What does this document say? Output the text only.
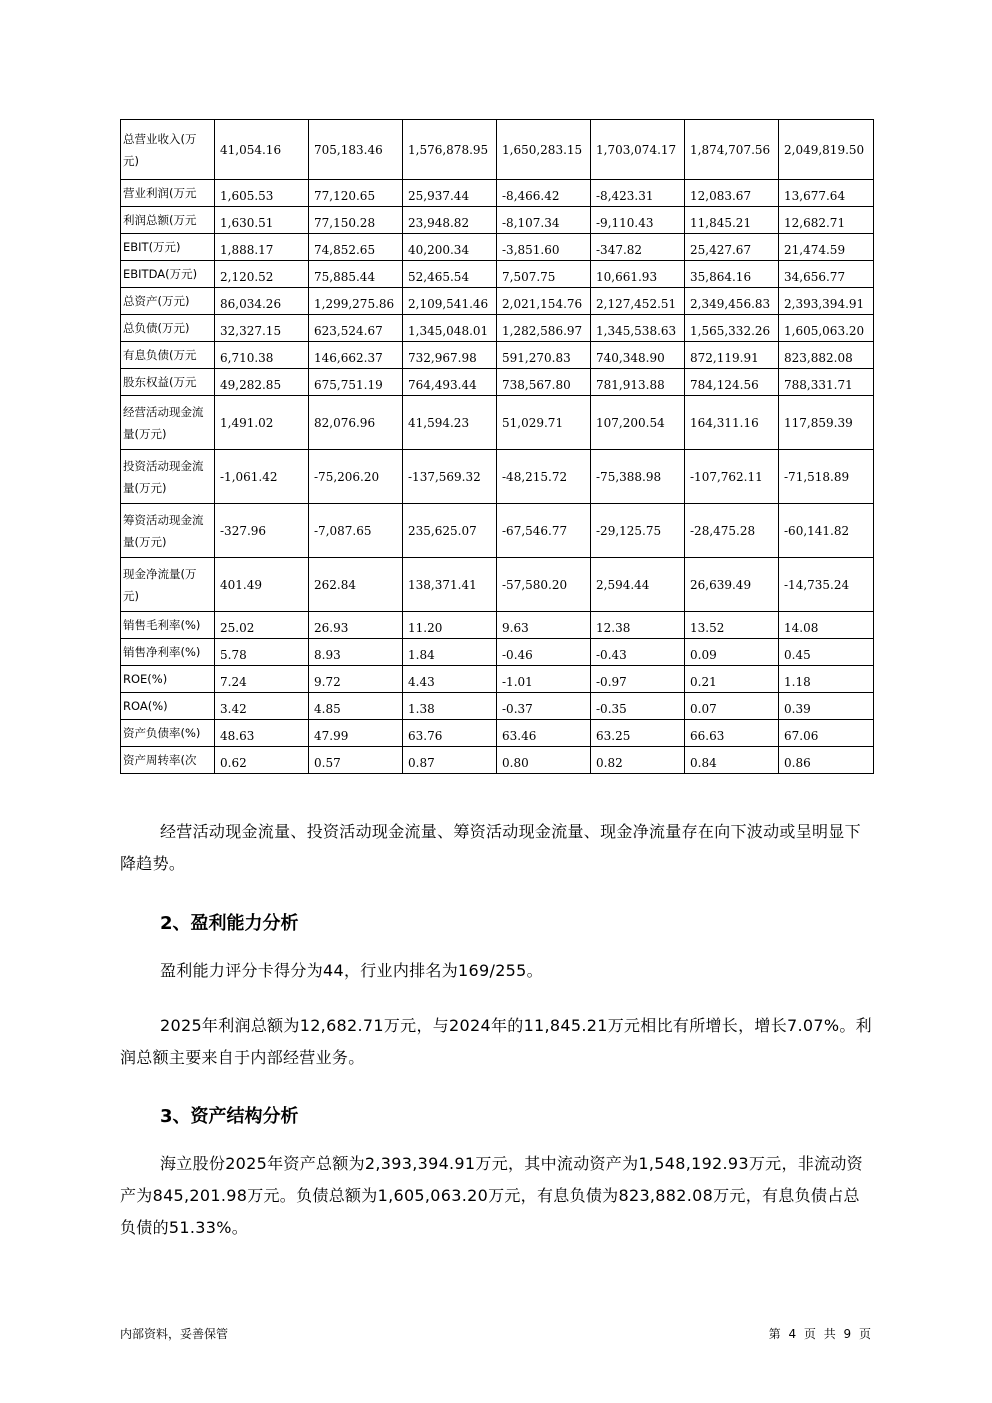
总营业收入(万元)	41,054.16	705,183.46	1,576,878.95	1,650,283.15	1,703,074.17	1,874,707.56	2,049,819.50
营业利润(万元	1,605.53	77,120.65	25,937.44	-8,466.42	-8,423.31	12,083.67	13,677.64
利润总额(万元	1,630.51	77,150.28	23,948.82	-8,107.34	-9,110.43	11,845.21	12,682.71
EBIT(万元)	1,888.17	74,852.65	40,200.34	-3,851.60	-347.82	25,427.67	21,474.59
EBITDA(万元)	2,120.52	75,885.44	52,465.54	7,507.75	10,661.93	35,864.16	34,656.77
总资产(万元)	86,034.26	1,299,275.86	2,109,541.46	2,021,154.76	2,127,452.51	2,349,456.83	2,393,394.91
总负债(万元)	32,327.15	623,524.67	1,345,048.01	1,282,586.97	1,345,538.63	1,565,332.26	1,605,063.20
有息负债(万元	6,710.38	146,662.37	732,967.98	591,270.83	740,348.90	872,119.91	823,882.08
股东权益(万元	49,282.85	675,751.19	764,493.44	738,567.80	781,913.88	784,124.56	788,331.71
经营活动现金流量(万元)	1,491.02	82,076.96	41,594.23	51,029.71	107,200.54	164,311.16	117,859.39
投资活动现金流量(万元)	-1,061.42	-75,206.20	-137,569.32	-48,215.72	-75,388.98	-107,762.11	-71,518.89
筹资活动现金流量(万元)	-327.96	-7,087.65	235,625.07	-67,546.77	-29,125.75	-28,475.28	-60,141.82
现金净流量(万元)	401.49	262.84	138,371.41	-57,580.20	2,594.44	26,639.49	-14,735.24
销售毛利率(%)	25.02	26.93	11.20	9.63	12.38	13.52	14.08
销售净利率(%)	5.78	8.93	1.84	-0.46	-0.43	0.09	0.45
ROE(%)	7.24	9.72	4.43	-1.01	-0.97	0.21	1.18
ROA(%)	3.42	4.85	1.38	-0.37	-0.35	0.07	0.39
资产负债率(%)	48.63	47.99	63.76	63.46	63.25	66.63	67.06
资产周转率(次	0.62	0.57	0.87	0.80	0.82	0.84	0.86
经营活动现金流量、投资活动现金流量、筹资活动现金流量、现金净流量存在向下波动或呈明显下降趋势。
2、盈利能力分析
盈利能力评分卡得分为44，行业内排名为169/255。
2025年利润总额为12,682.71万元，与2024年的11,845.21万元相比有所增长，增长7.07%。利润总额主要来自于内部经营业务。
3、资产结构分析
海立股份2025年资产总额为2,393,394.91万元，其中流动资产为1,548,192.93万元，非流动资产为845,201.98万元。负债总额为1,605,063.20万元，有息负债为823,882.08万元，有息负债占总负债的51.33%。
内部资料，妥善保管	第 4 页 共 9 页
